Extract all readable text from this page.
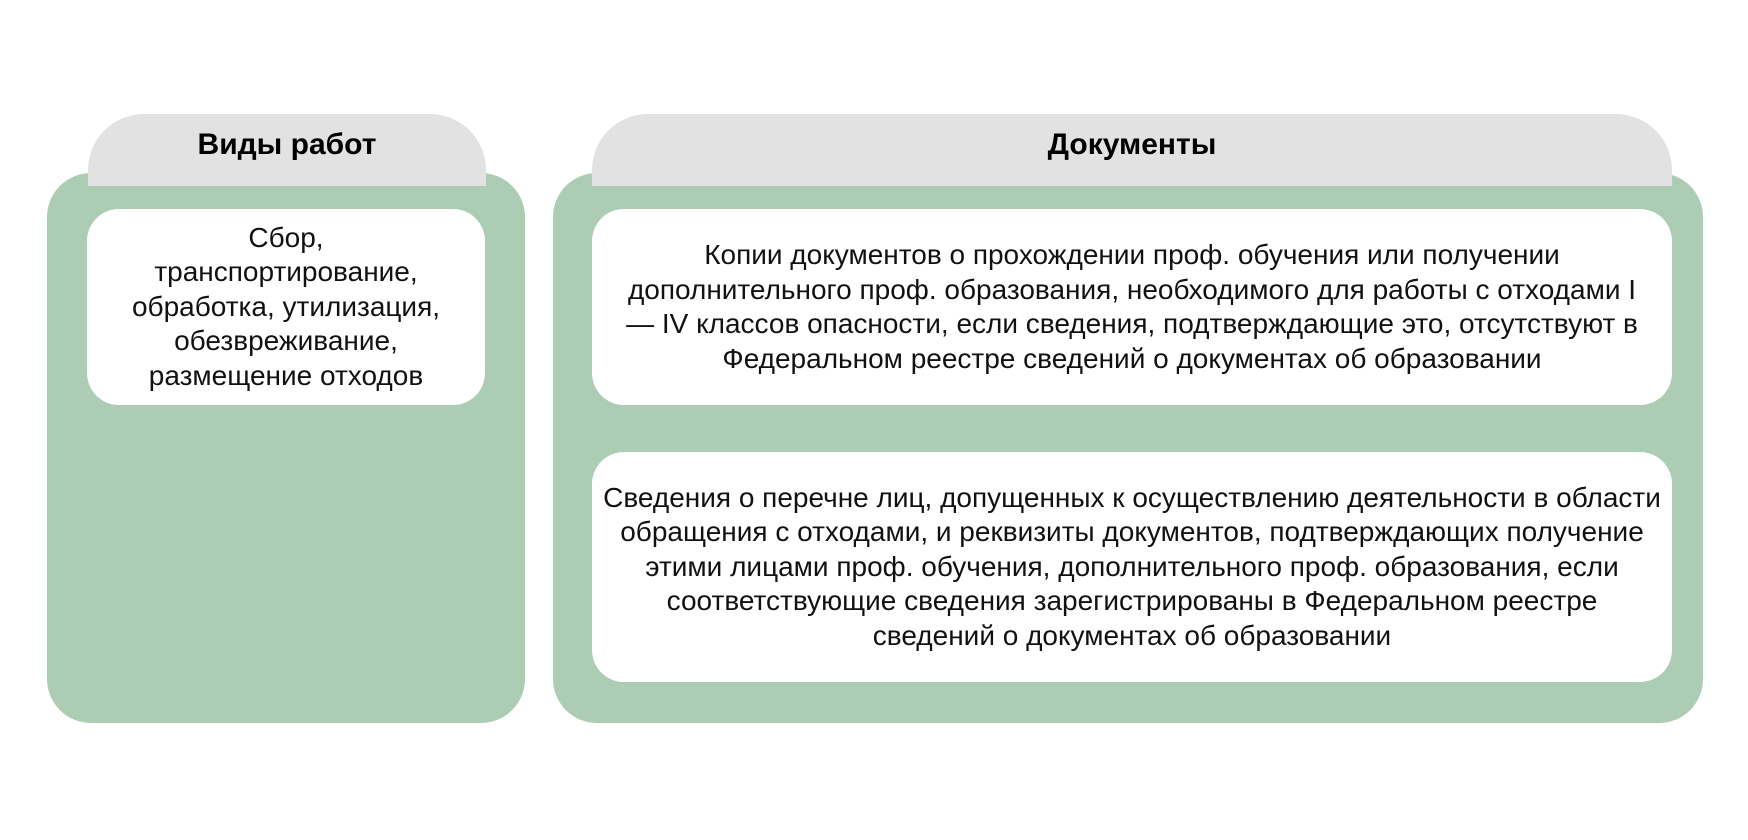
Виды работ
Сбор, транспортирование, обработка, утилизация, обезвреживание, размещение отходов
Документы
Копии документов о прохождении проф. обучения или получении дополнительного проф. образования, необходимого для работы с отходами I — IV классов опасности, если сведения, подтверждающие это, отсутствуют в Федеральном реестре сведений о документах об образовании
Сведения о перечне лиц, допущенных к осуществлению деятельности в области обращения с отходами, и реквизиты документов, подтверждающих получение этими лицами проф. обучения, дополнительного проф. образования, если соответствующие сведения зарегистрированы в Федеральном реестре сведений о документах об образовании
